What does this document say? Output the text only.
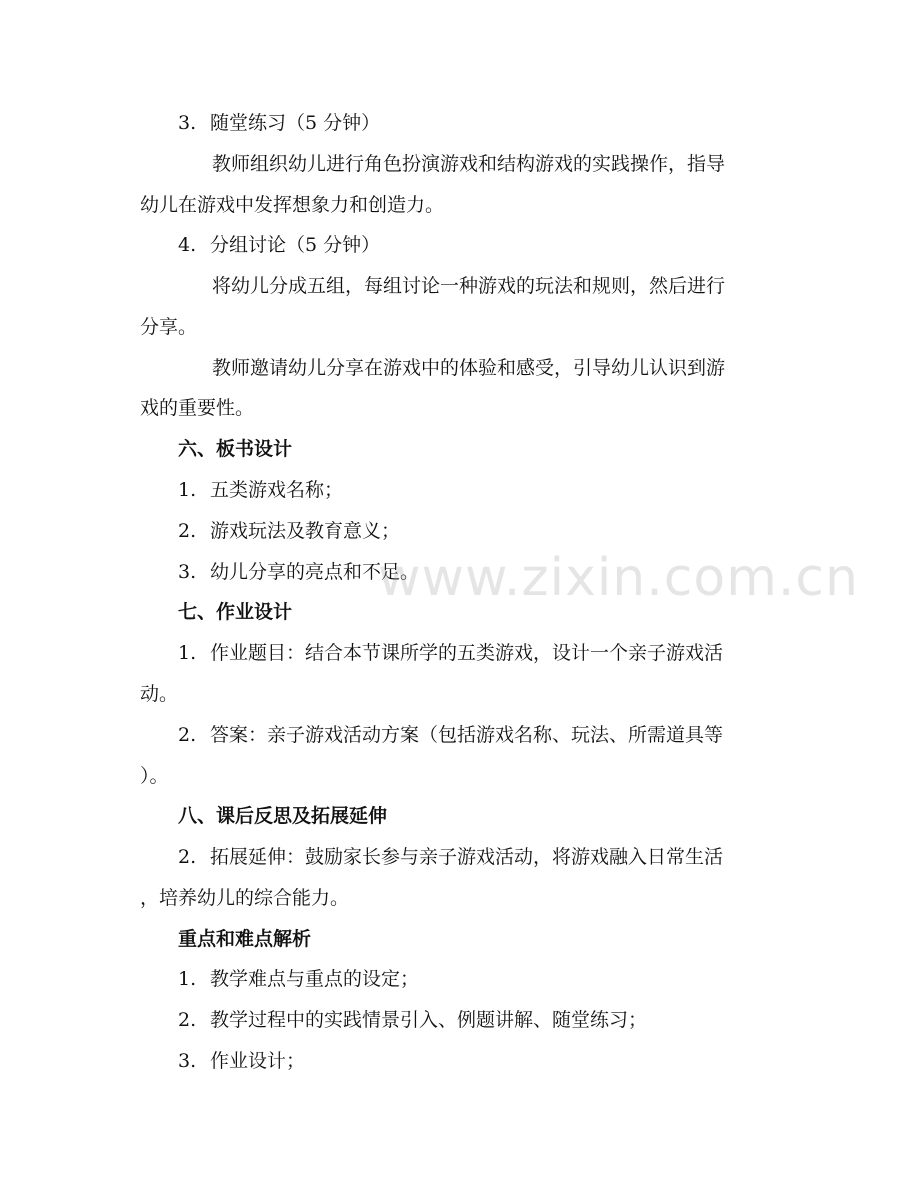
3. 随堂练习（5 分钟）
教师组织幼儿进行角色扮演游戏和结构游戏的实践操作，指导
幼儿在游戏中发挥想象力和创造力。
4. 分组讨论（5 分钟）
将幼儿分成五组，每组讨论一种游戏的玩法和规则，然后进行
分享。
教师邀请幼儿分享在游戏中的体验和感受，引导幼儿认识到游
戏的重要性。
六、板书设计
1. 五类游戏名称；
2. 游戏玩法及教育意义；
3. 幼儿分享的亮点和不足。
七、作业设计
1. 作业题目：结合本节课所学的五类游戏，设计一个亲子游戏活
动。
2. 答案：亲子游戏活动方案（包括游戏名称、玩法、所需道具等
）。
八、课后反思及拓展延伸
2. 拓展延伸：鼓励家长参与亲子游戏活动，将游戏融入日常生活
，培养幼儿的综合能力。
重点和难点解析
1. 教学难点与重点的设定；
2. 教学过程中的实践情景引入、例题讲解、随堂练习；
3. 作业设计；
www.zixin.com.cn
